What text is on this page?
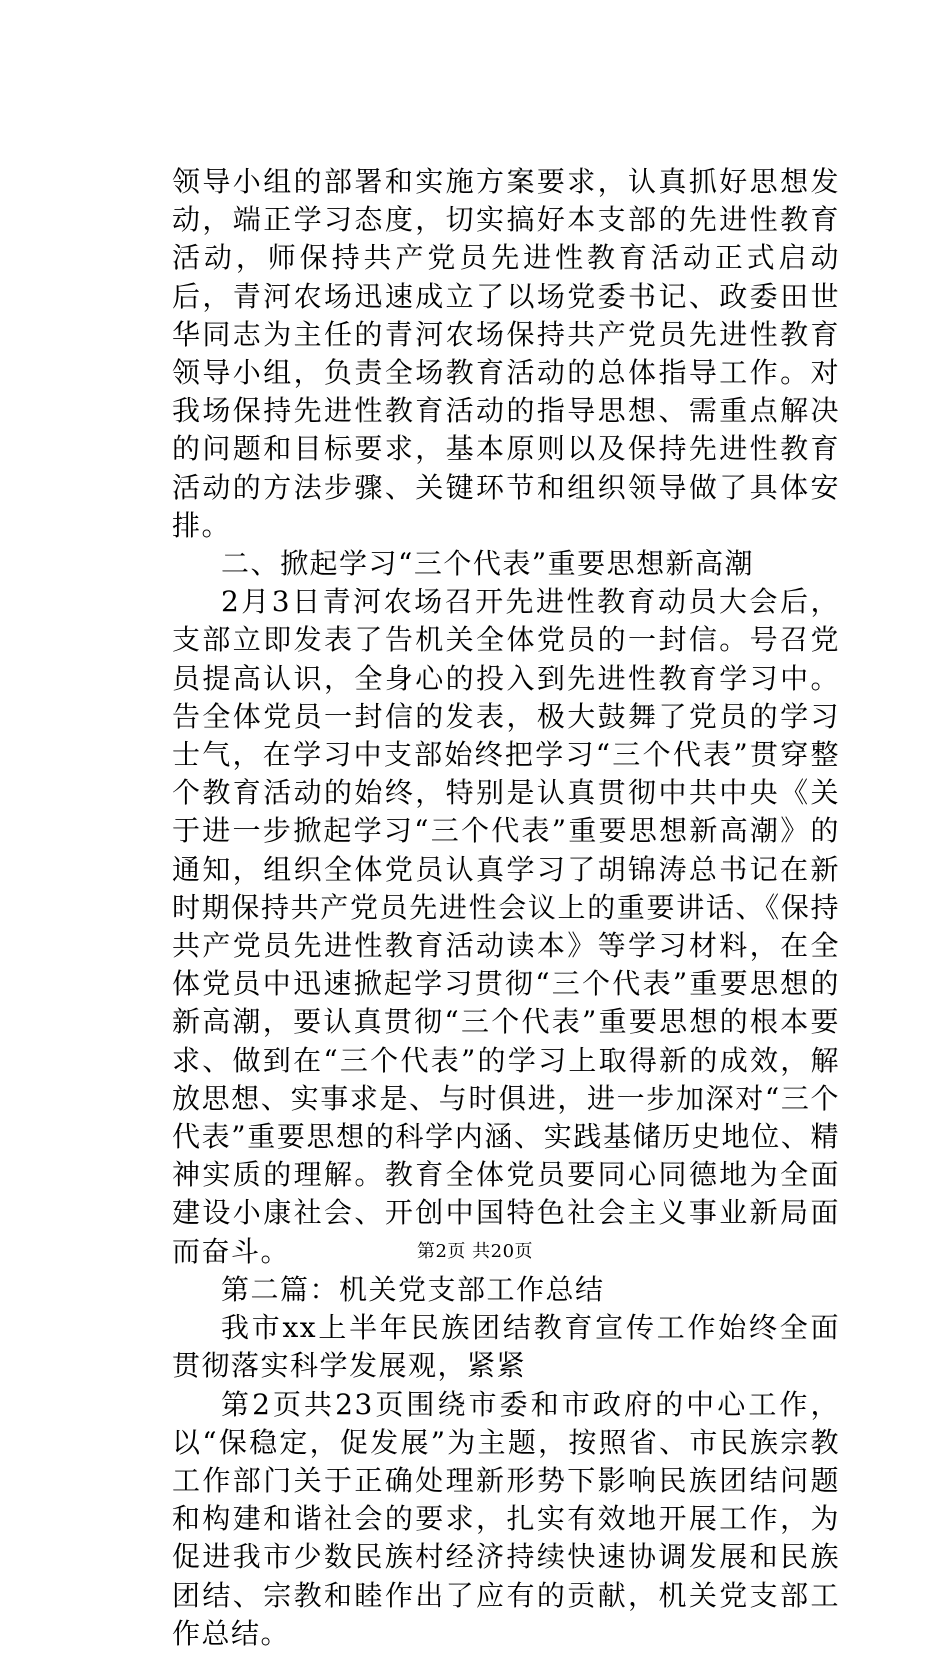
领导小组的部署和实施方案要求，认真抓好思想发动，端正学习态度，切实搞好本支部的先进性教育活动，师保持共产党员先进性教育活动正式启动后，青河农场迅速成立了以场党委书记、政委田世华同志为主任的青河农场保持共产党员先进性教育领导小组，负责全场教育活动的总体指导工作。对我场保持先进性教育活动的指导思想、需重点解决的问题和目标要求，基本原则以及保持先进性教育活动的方法步骤、关键环节和组织领导做了具体安排。

二、掀起学习“三个代表”重要思想新高潮

2月3日青河农场召开先进性教育动员大会后，支部立即发表了告机关全体党员的一封信。号召党员提高认识，全身心的投入到先进性教育学习中。告全体党员一封信的发表，极大鼓舞了党员的学习士气，在学习中支部始终把学习“三个代表”贯穿整个教育活动的始终，特别是认真贯彻中共中央《关于进一步掀起学习“三个代表”重要思想新高潮》的通知，组织全体党员认真学习了胡锦涛总书记在新时期保持共产党员先进性会议上的重要讲话、《保持共产党员先进性教育活动读本》等学习材料，在全体党员中迅速掀起学习贯彻“三个代表”重要思想的新高潮，要认真贯彻“三个代表”重要思想的根本要求、做到在“三个代表”的学习上取得新的成效，解放思想、实事求是、与时俱进，进一步加深对“三个代表”重要思想的科学内涵、实践基储历史地位、精神实质的理解。教育全体党员要同心同德地为全面建设小康社会、开创中国特色社会主义事业新局面而奋斗。

第二篇：机关党支部工作总结

我市xx上半年民族团结教育宣传工作始终全面贯彻落实科学发展观，紧紧

第2页共23页围绕市委和市政府的中心工作，以“保稳定，促发展”为主题，按照省、市民族宗教工作部门关于正确处理新形势下影响民族团结问题和构建和谐社会的要求，扎实有效地开展工作，为促进我市少数民族村经济持续快速协调发展和民族团结、宗教和睦作出了应有的贡献，机关党支部工作总结。

第2页 共20页
